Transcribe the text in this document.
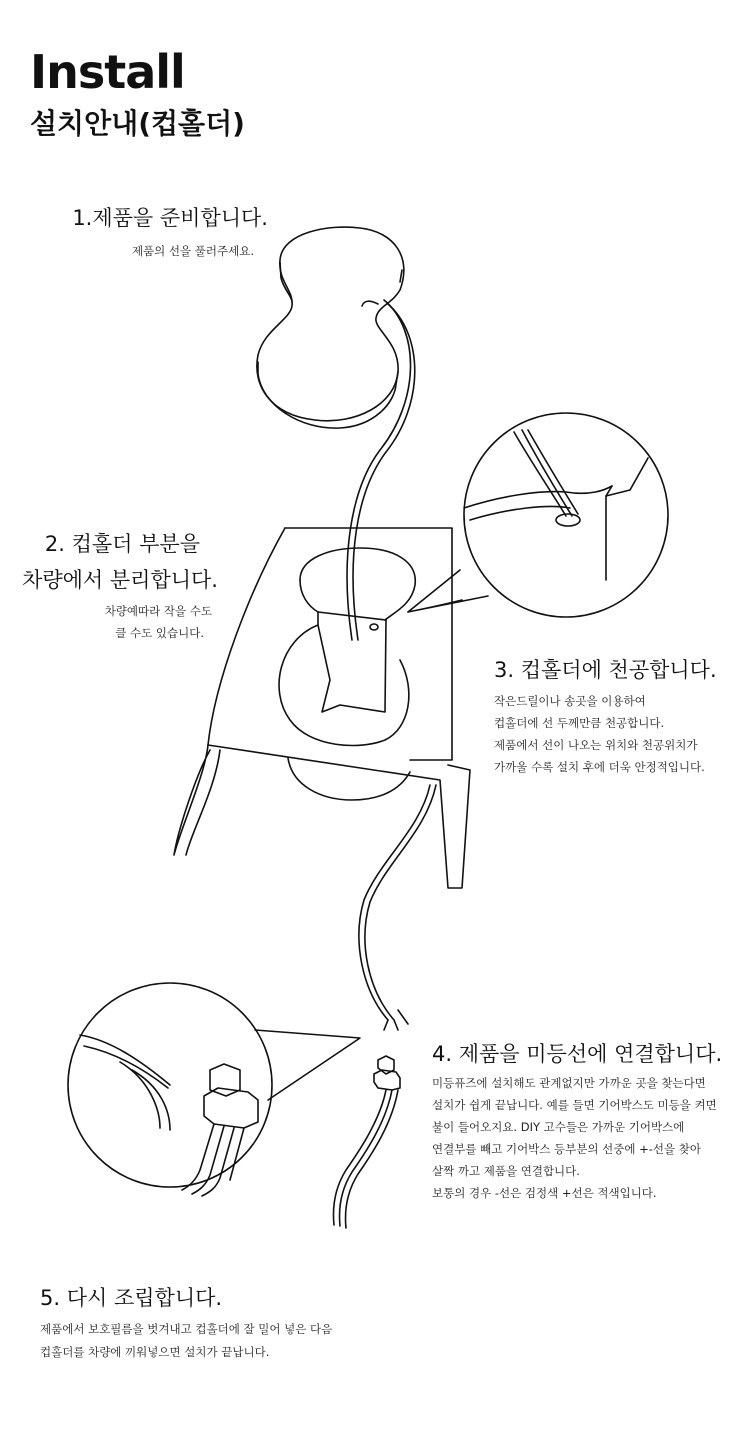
Install
설치안내(컵홀더)
1.제품을 준비합니다.
제품의 선을 풀러주세요.
2. 컵홀더 부분을
차량에서 분리합니다.
차량예따라 작을 수도
클 수도 있습니다.
3. 컵홀더에 천공합니다.
작은드릴이나 송곳을 이용하여
컵홀더에 선 두께만큼 천공합니다.
제품에서 선이 나오는 위치와 천공위치가
가까울 수록 설치 후에 더욱 안정적입니다.
4. 제품을 미등선에 연결합니다.
미등퓨즈에 설치해도 관계없지만 가까운 곳을 찾는다면
설치가 쉽게 끝납니다. 예를 들면 기어박스도 미등을 켜면
불이 들어오지요. DIY 고수들은 가까운 기어박스에
연결부를 빼고 기어박스 등부분의 선중에 +-선을 찾아
살짝 까고 제품을 연결합니다.
보통의 경우 -선은 검정색 +선은 적색입니다.
5. 다시 조립합니다.
제품에서 보호필름을 벗겨내고 컵홀더에 잘 밀어 넣은 다음
컵홀더를 차량에 끼워넣으면 설치가 끝납니다.
